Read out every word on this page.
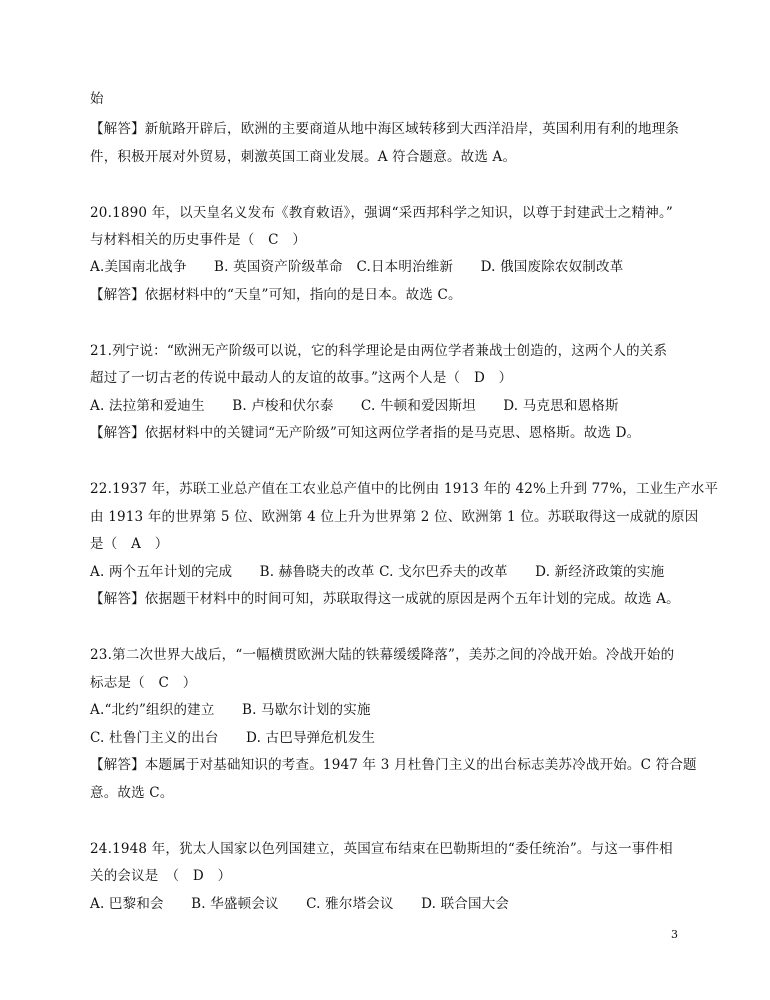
始
【解答】新航路开辟后，欧洲的主要商道从地中海区域转移到大西洋沿岸，英国利用有利的地理条
件，积极开展对外贸易，刺激英国工商业发展。A 符合题意。故选 A。
20.1890 年，以天皇名义发布《教育敕语》，强调“采西邦科学之知识，以尊于封建武士之精神。”
与材料相关的历史事件是（　C　）
A.美国南北战争　　B. 英国资产阶级革命　C.日本明治维新　　D. 俄国废除农奴制改革
【解答】依据材料中的“天皇”可知，指向的是日本。故选 C。
21.列宁说：“欧洲无产阶级可以说，它的科学理论是由两位学者兼战士创造的，这两个人的关系
超过了一切古老的传说中最动人的友谊的故事。”这两个人是（　D　）
A. 法拉第和爱迪生　　B. 卢梭和伏尔泰　　C. 牛顿和爱因斯坦　　D. 马克思和恩格斯
【解答】依据材料中的关键词“无产阶级”可知这两位学者指的是马克思、恩格斯。故选 D。
22.1937 年，苏联工业总产值在工农业总产值中的比例由 1913 年的 42%上升到 77%，工业生产水平
由 1913 年的世界第 5 位、欧洲第 4 位上升为世界第 2 位、欧洲第 1 位。苏联取得这一成就的原因
是（　A　）
A. 两个五年计划的完成　　B. 赫鲁晓夫的改革 C. 戈尔巴乔夫的改革　　D. 新经济政策的实施
【解答】依据题干材料中的时间可知，苏联取得这一成就的原因是两个五年计划的完成。故选 A。
23.第二次世界大战后，“一幅横贯欧洲大陆的铁幕缓缓降落”，美苏之间的冷战开始。冷战开始的
标志是（　C　）
A.“北约”组织的建立　　B. 马歇尔计划的实施
C. 杜鲁门主义的出台　　D. 古巴导弹危机发生
【解答】本题属于对基础知识的考查。1947 年 3 月杜鲁门主义的出台标志美苏冷战开始。C 符合题
意。故选 C。
24.1948 年，犹太人国家以色列国建立，英国宣布结束在巴勒斯坦的“委任统治”。与这一事件相
关的会议是　（　D　）
A. 巴黎和会　　B. 华盛顿会议　　C. 雅尔塔会议　　D. 联合国大会
3
